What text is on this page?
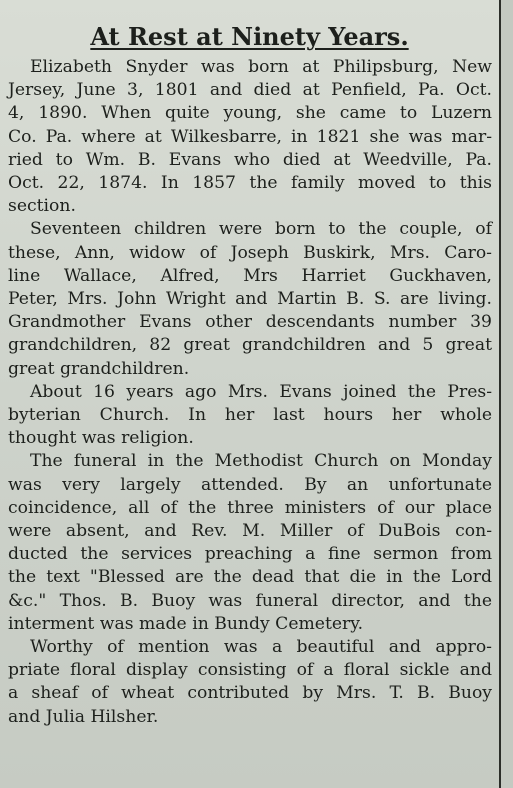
At Rest at Ninety Years.

Elizabeth Snyder was born at Philipsburg, New
Jersey, June 3, 1801 and died at Penfield, Pa. Oct.
4, 1890. When quite young, she came to Luzern
Co. Pa. where at Wilkesbarre, in 1821 she was mar-
ried to Wm. B. Evans who died at Weedville, Pa.
Oct. 22, 1874. In 1857 the family moved to this
section.

Seventeen children were born to the couple, of
these, Ann, widow of Joseph Buskirk, Mrs. Caro-
line Wallace, Alfred, Mrs Harriet Guckhaven,
Peter, Mrs. John Wright and Martin B. S. are living.
Grandmother Evans other descendants number 39
grandchildren, 82 great grandchildren and 5 great
great grandchildren.

About 16 years ago Mrs. Evans joined the Pres-
byterian Church. In her last hours her whole
thought was religion.

The funeral in the Methodist Church on Monday
was very largely attended. By an unfortunate
coincidence, all of the three ministers of our place
were absent, and Rev. M. Miller of DuBois con-
ducted the services preaching a fine sermon from
the text "Blessed are the dead that die in the Lord
&c." Thos. B. Buoy was funeral director, and the
interment was made in Bundy Cemetery.

Worthy of mention was a beautiful and appro-
priate floral display consisting of a floral sickle and
a sheaf of wheat contributed by Mrs. T. B. Buoy
and Julia Hilsher.
